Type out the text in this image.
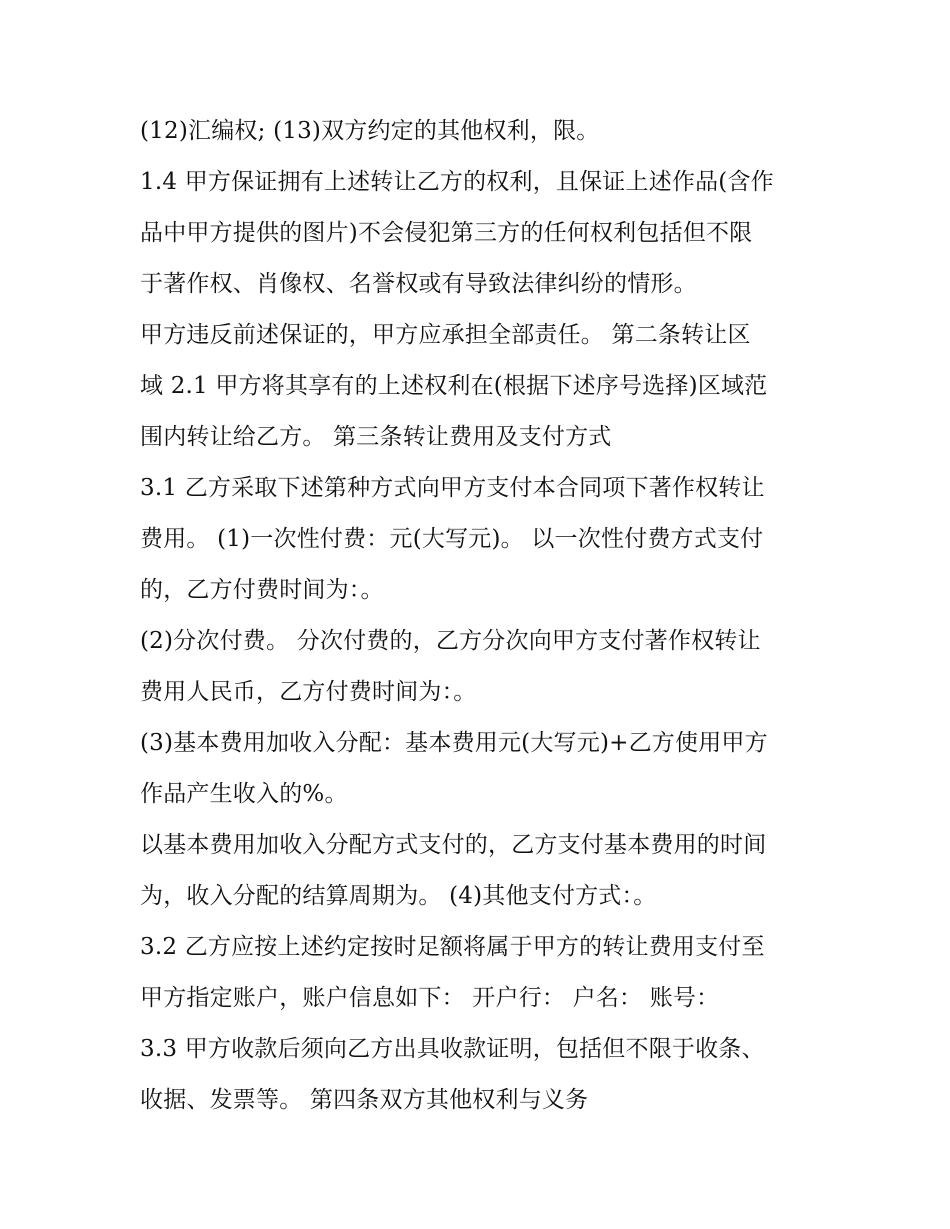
(12)汇编权; (13)双方约定的其他权利，限。
1.4 甲方保证拥有上述转让乙方的权利，且保证上述作品(含作
品中甲方提供的图片)不会侵犯第三方的任何权利包括但不限
于著作权、肖像权、名誉权或有导致法律纠纷的情形。
甲方违反前述保证的，甲方应承担全部责任。 第二条转让区
域 2.1 甲方将其享有的上述权利在(根据下述序号选择)区域范
围内转让给乙方。 第三条转让费用及支付方式
3.1 乙方采取下述第种方式向甲方支付本合同项下著作权转让
费用。 (1)一次性付费：元(大写元)。 以一次性付费方式支付
的，乙方付费时间为：。
(2)分次付费。 分次付费的，乙方分次向甲方支付著作权转让
费用人民币，乙方付费时间为：。
(3)基本费用加收入分配：基本费用元(大写元)+乙方使用甲方
作品产生收入的%。
以基本费用加收入分配方式支付的，乙方支付基本费用的时间
为，收入分配的结算周期为。 (4)其他支付方式：。
3.2 乙方应按上述约定按时足额将属于甲方的转让费用支付至
甲方指定账户，账户信息如下： 开户行： 户名： 账号：
3.3 甲方收款后须向乙方出具收款证明，包括但不限于收条、
收据、发票等。 第四条双方其他权利与义务
